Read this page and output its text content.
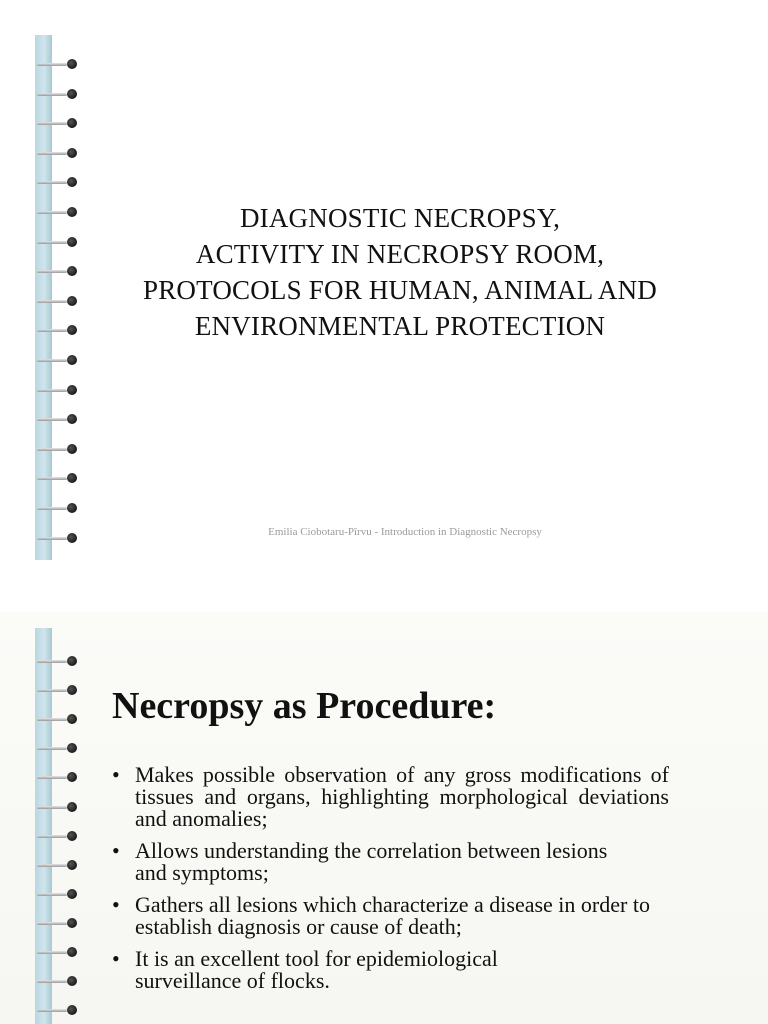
DIAGNOSTIC NECROPSY,
ACTIVITY IN NECROPSY ROOM,
PROTOCOLS FOR HUMAN, ANIMAL AND
ENVIRONMENTAL PROTECTION
Emilia Ciobotaru-Pîrvu - Introduction in Diagnostic Necropsy
Necropsy as Procedure:
• Makes possible observation of any gross modifications of tissues and organs, highlighting morphological deviations and anomalies;
• Allows understanding the correlation between lesions and symptoms;
• Gathers all lesions which characterize a disease in order to establish diagnosis or cause of death;
• It is an excellent tool for epidemiological surveillance of flocks.
